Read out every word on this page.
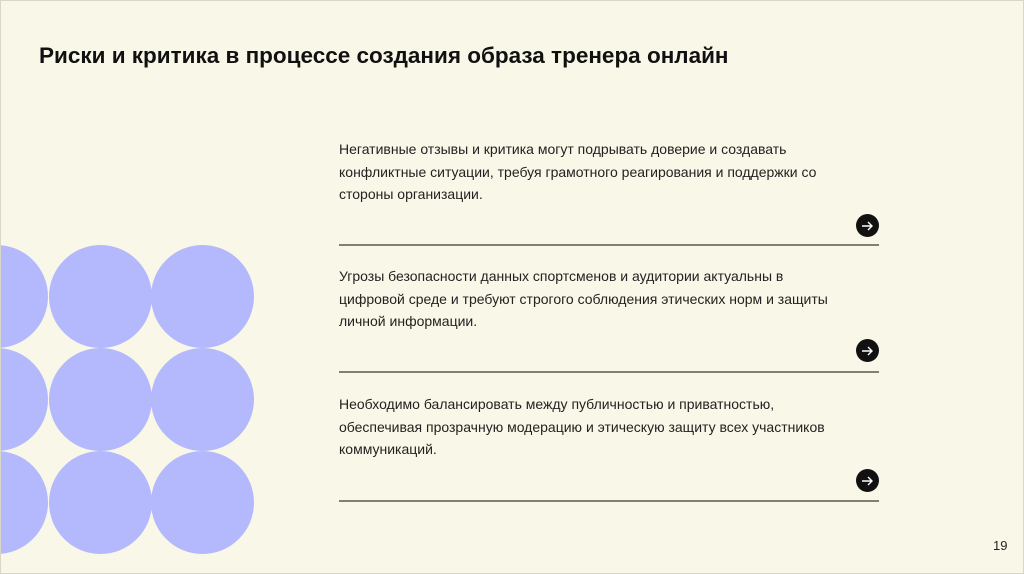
Риски и критика в процессе создания образа тренера онлайн

Негативные отзывы и критика могут подрывать доверие и создавать конфликтные ситуации, требуя грамотного реагирования и поддержки со стороны организации.

Угрозы безопасности данных спортсменов и аудитории актуальны в цифровой среде и требуют строгого соблюдения этических норм и защиты личной информации.

Необходимо балансировать между публичностью и приватностью, обеспечивая прозрачную модерацию и этическую защиту всех участников коммуникаций.

19
